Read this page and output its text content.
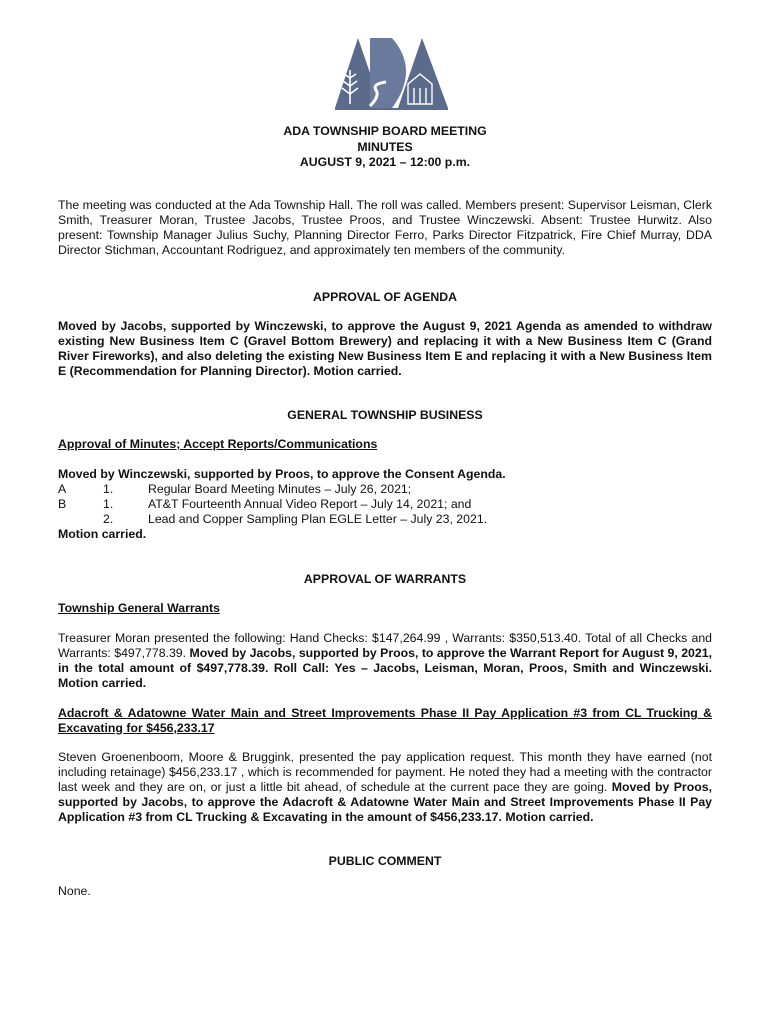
ADA TOWNSHIP BOARD MEETING
MINUTES
AUGUST 9, 2021 – 12:00 p.m.
The meeting was conducted at the Ada Township Hall. The roll was called. Members present: Supervisor Leisman, Clerk Smith, Treasurer Moran, Trustee Jacobs, Trustee Proos, and Trustee Winczewski. Absent: Trustee Hurwitz. Also present: Township Manager Julius Suchy, Planning Director Ferro, Parks Director Fitzpatrick, Fire Chief Murray, DDA Director Stichman, Accountant Rodriguez, and approximately ten members of the community.
APPROVAL OF AGENDA
Moved by Jacobs, supported by Winczewski, to approve the August 9, 2021 Agenda as amended to withdraw existing New Business Item C (Gravel Bottom Brewery) and replacing it with a New Business Item C (Grand River Fireworks), and also deleting the existing New Business Item E and replacing it with a New Business Item E (Recommendation for Planning Director). Motion carried.
GENERAL TOWNSHIP BUSINESS
Approval of Minutes; Accept Reports/Communications
Moved by Winczewski, supported by Proos, to approve the Consent Agenda.
A	1.	Regular Board Meeting Minutes – July 26, 2021;
B	1.	AT&T Fourteenth Annual Video Report – July 14, 2021; and
2.	Lead and Copper Sampling Plan EGLE Letter – July 23, 2021.
Motion carried.
APPROVAL OF WARRANTS
Township General Warrants
Treasurer Moran presented the following: Hand Checks: $147,264.99 , Warrants: $350,513.40. Total of all Checks and Warrants: $497,778.39. Moved by Jacobs, supported by Proos, to approve the Warrant Report for August 9, 2021, in the total amount of $497,778.39. Roll Call: Yes – Jacobs, Leisman, Moran, Proos, Smith and Winczewski. Motion carried.
Adacroft & Adatowne Water Main and Street Improvements Phase II Pay Application #3 from CL Trucking & Excavating for $456,233.17
Steven Groenenboom, Moore & Bruggink, presented the pay application request. This month they have earned (not including retainage) $456,233.17 , which is recommended for payment. He noted they had a meeting with the contractor last week and they are on, or just a little bit ahead, of schedule at the current pace they are going. Moved by Proos, supported by Jacobs, to approve the Adacroft & Adatowne Water Main and Street Improvements Phase II Pay Application #3 from CL Trucking & Excavating in the amount of $456,233.17. Motion carried.
PUBLIC COMMENT
None.
